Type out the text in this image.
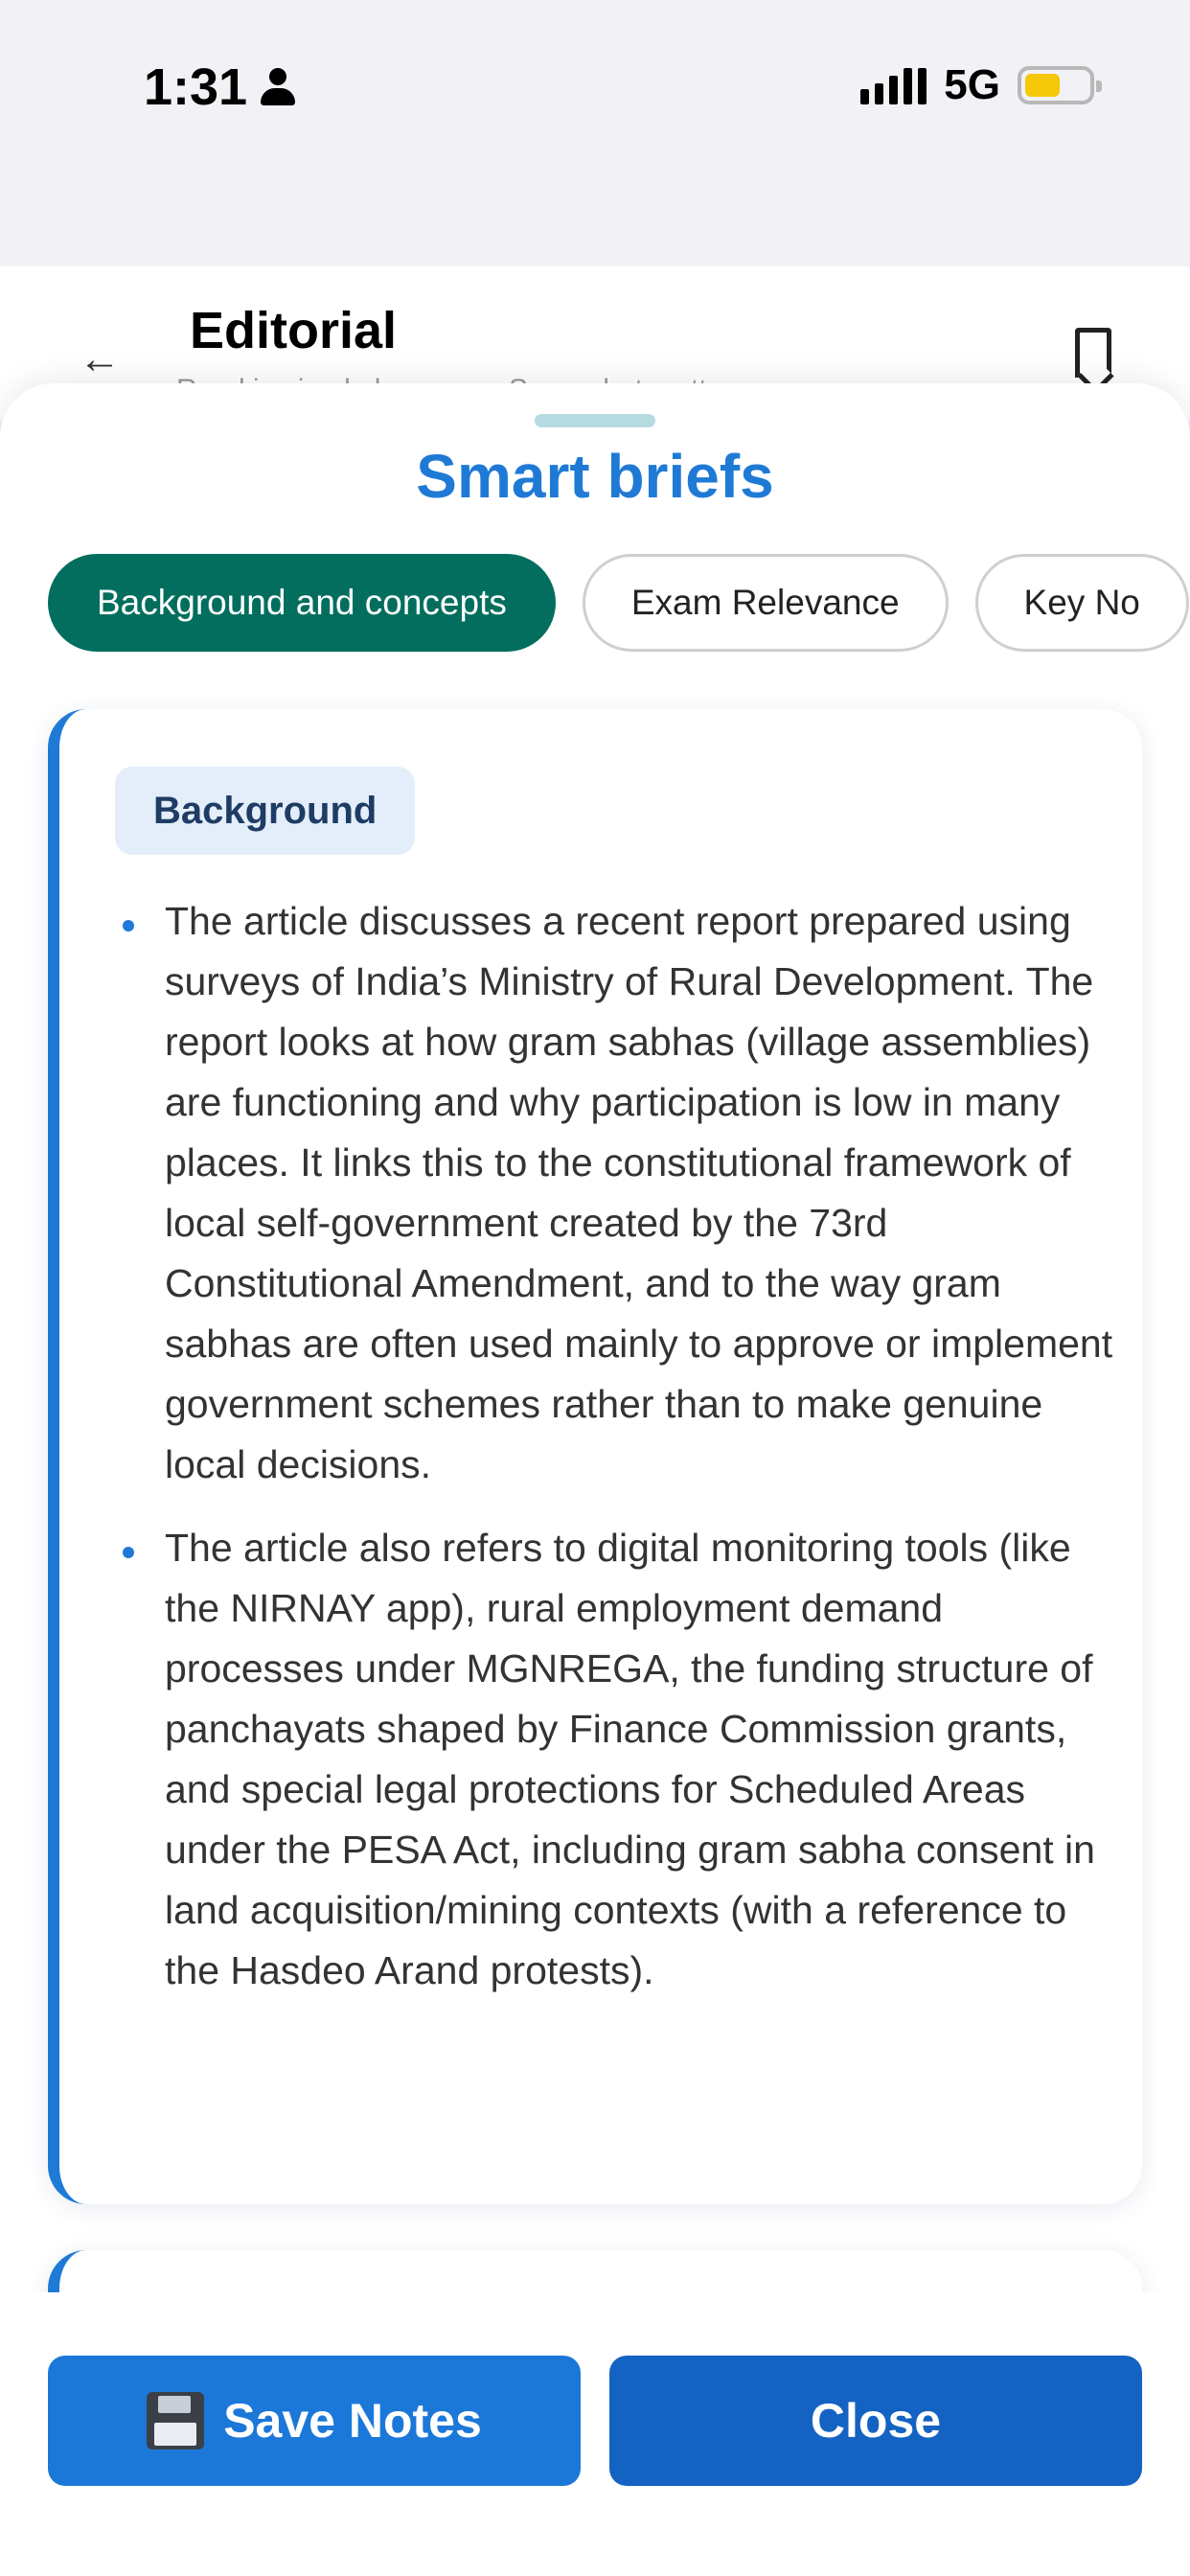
1:31	5G
← Editorial
Smart briefs
Background and concepts	Exam Relevance	Key No
Background
The article discusses a recent report prepared using surveys of India’s Ministry of Rural Development. The report looks at how gram sabhas (village assemblies) are functioning and why participation is low in many places. It links this to the constitutional framework of local self-government created by the 73rd Constitutional Amendment, and to the way gram sabhas are often used mainly to approve or implement government schemes rather than to make genuine local decisions.
The article also refers to digital monitoring tools (like the NIRNAY app), rural employment demand processes under MGNREGA, the funding structure of panchayats shaped by Finance Commission grants, and special legal protections for Scheduled Areas under the PESA Act, including gram sabha consent in land acquisition/mining contexts (with a reference to the Hasdeo Arand protests).
Save Notes	Close
